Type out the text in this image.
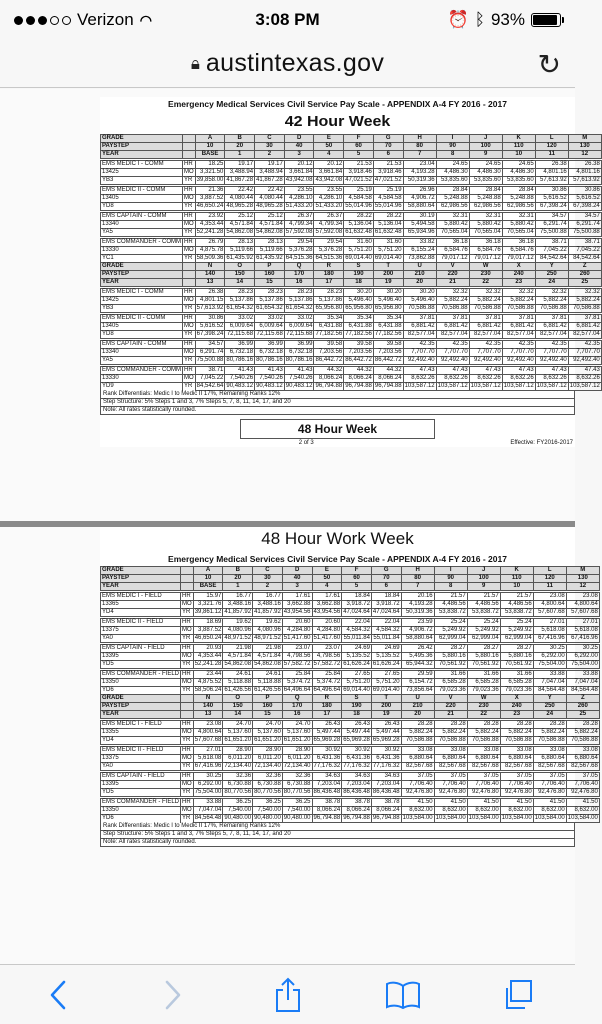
Verizon ◠	3:08 PM	⏰ ᛒ 93%
🔒︎ austintexas.gov	↻
Emergency Medical Services Civil Service Pay Scale - APPENDIX A-4 FY 2016 - 2017
42 Hour Week
GRADE		A	B	C	D	E	F	G	H	I	J	K	L	M
PAYSTEP		10	20	30	40	50	60	70	80	90	100	110	120	130
YEAR		BASE	1	2	3	4	5	6	7	8	9	10	11	12

EMS MEDIC I - COMM	HR	18.25	19.17	19.17	20.12	20.12	21.53	21.53	23.04	24.65	24.65	24.65	26.38	26.38
13425	MO	3,321.50	3,488.94	3,488.94	3,661.84	3,661.84	3,918.46	3,918.46	4,193.28	4,486.30	4,486.30	4,486.30	4,801.16	4,801.16
YB3	YR	39,858.00	41,867.28	41,867.28	43,942.08	43,942.08	47,021.52	47,021.52	50,319.36	53,835.60	53,835.60	53,835.60	57,613.92	57,613.92

EMS MEDIC II - COMM	HR	21.36	22.42	22.42	23.55	23.55	25.19	25.19	26.96	28.84	28.84	28.84	30.86	30.86
13405	MO	3,887.52	4,080.44	4,080.44	4,286.10	4,286.10	4,584.58	4,584.58	4,906.72	5,248.88	5,248.88	5,248.88	5,616.52	5,616.52
YD8	YR	46,650.24	48,965.28	48,965.28	51,433.20	51,433.20	55,014.96	55,014.96	58,880.64	62,986.56	62,986.56	62,986.56	67,398.24	67,398.24

EMS CAPTAIN - COMM	HR	23.92	25.12	25.12	26.37	26.37	28.22	28.22	30.19	32.31	32.31	32.31	34.57	34.57
13340	MO	4,353.44	4,571.84	4,571.84	4,799.34	4,799.34	5,136.04	5,136.04	5,494.58	5,880.42	5,880.42	5,880.42	6,291.74	6,291.74
YA5	YR	52,241.28	54,862.08	54,862.08	57,592.08	57,592.08	61,632.48	61,632.48	65,934.96	70,565.04	70,565.04	70,565.04	75,500.88	75,500.88

EMS COMMANDER - COMM	HR	26.79	28.13	28.13	29.54	29.54	31.60	31.60	33.82	36.18	36.18	36.18	38.71	38.71
13330	MO	4,875.78	5,119.66	5,119.66	5,376.28	5,376.28	5,751.20	5,751.20	6,155.24	6,584.76	6,584.76	6,584.76	7,045.22	7,045.22
YC1	YR	58,509.36	61,435.92	61,435.92	64,515.36	64,515.36	69,014.40	69,014.40	73,862.88	79,017.12	79,017.12	79,017.12	84,542.64	84,542.64
GRADE		N	O	P	Q	R	S	T	U	V	W	X	Y	Z
PAYSTEP		140	150	160	170	180	190	200	210	220	230	240	250	260
YEAR		13	14	15	16	17	18	19	20	21	22	23	24	25

EMS MEDIC I - COMM	HR	26.38	28.23	28.23	28.23	28.23	30.20	30.20	30.20	32.32	32.32	32.32	32.32	32.32
13425	MO	4,801.15	5,137.86	5,137.86	5,137.86	5,137.86	5,496.40	5,496.40	5,496.40	5,882.24	5,882.24	5,882.24	5,882.24	5,882.24
YB3	YR	57,613.92	61,654.32	61,654.32	61,654.32	65,956.80	65,956.80	65,956.80	70,586.88	70,586.88	70,586.88	70,586.88	70,586.88	70,586.88

EMS MEDIC II - COMM	HR	30.86	33.02	33.02	33.02	35.34	35.34	35.34	37.81	37.81	37.81	37.81	37.81	37.81
13405	MO	5,616.52	6,009.64	6,009.64	6,009.64	6,431.88	6,431.88	6,431.88	6,881.42	6,881.42	6,881.42	6,881.42	6,881.42	6,881.42
YD8	YR	67,398.24	72,115.68	72,115.68	72,115.68	77,182.56	77,182.56	77,182.56	82,577.04	82,577.04	82,577.04	82,577.04	82,577.04	82,577.04

EMS CAPTAIN - COMM	HR	34.57	36.99	36.99	36.99	39.58	39.58	39.58	42.35	42.35	42.35	42.35	42.35	42.35
13340	MO	6,291.74	6,732.18	6,732.18	6,732.18	7,203.56	7,203.56	7,203.56	7,707.70	7,707.70	7,707.70	7,707.70	7,707.70	7,707.70
YA5	YR	75,500.88	80,786.16	80,786.16	80,786.16	86,442.72	86,442.72	86,442.72	92,492.40	92,492.40	92,492.40	92,492.40	92,492.40	92,492.40

EMS COMMANDER - COMM	HR	38.71	41.43	41.43	41.43	44.32	44.32	44.32	47.43	47.43	47.43	47.43	47.43	47.43
13330	MO	7,045.22	7,540.26	7,540.26	7,540.26	8,066.24	8,066.24	8,066.24	8,632.26	8,632.26	8,632.26	8,632.26	8,632.26	8,632.26
YD9	YR	84,542.64	90,483.12	90,483.12	90,483.12	96,794.88	96,794.88	96,794.88	103,587.12	103,587.12	103,587.12	103,587.12	103,587.12	103,587.12
Rank Differentials: Medic I to Medic II 17%, Remaining Ranks 12%
Step Structure: 5% Steps 1 and 3, 7% Steps 5, 7, 8, 11, 14, 17, and 20
Note: All rates statistically rounded.
48 Hour Week
2 of 3	Effective: FY2016-2017
48 Hour Work Week
Emergency Medical Services Civil Service Pay Scale - APPENDIX A-4 FY 2016 - 2017
GRADE		A	B	C	D	E	F	G	H	I	J	K	L	M
PAYSTEP		10	20	30	40	50	60	70	80	90	100	110	120	130
YEAR		BASE	1	2	3	4	5	6	7	8	9	10	11	12

EMS MEDIC I - FIELD	HR	15.97	16.77	16.77	17.61	17.61	18.84	18.84	20.16	21.57	21.57	21.57	23.08	23.08
13365	MO	3,321.76	3,488.16	3,488.16	3,662.88	3,662.88	3,918.72	3,918.72	4,193.28	4,486.56	4,486.56	4,486.56	4,800.64	4,800.64
YD4	YR	39,861.12	41,857.92	41,857.92	43,954.56	43,954.56	47,024.64	47,024.64	50,319.36	53,838.72	53,838.72	53,838.72	57,607.68	57,607.68

EMS MEDIC II - FIELD	HR	18.69	19.62	19.62	20.60	20.60	22.04	22.04	23.59	25.24	25.24	25.24	27.01	27.01
13375	MO	3,887.52	4,080.96	4,080.96	4,284.80	4,284.80	4,584.32	4,584.32	4,906.72	5,249.92	5,249.92	5,249.92	5,618.08	5,618.08
YA0	YR	46,650.24	48,971.52	48,971.52	51,417.60	51,417.60	55,011.84	55,011.84	58,880.64	62,999.04	62,999.04	62,999.04	67,416.96	67,416.96

EMS CAPTAIN - FIELD	HR	20.93	21.98	21.98	23.07	23.07	24.69	24.69	26.42	28.27	28.27	28.27	30.25	30.25
13395	MO	4,353.44	4,571.84	4,571.84	4,798.56	4,798.56	5,135.52	5,135.52	5,495.36	5,880.16	5,880.16	5,880.16	6,292.00	6,292.00
YD5	YR	52,241.28	54,862.08	54,862.08	57,582.72	57,582.72	61,626.24	61,626.24	65,944.32	70,561.92	70,561.92	70,561.92	75,504.00	75,504.00

EMS COMMANDER - FIELD	HR	23.44	24.61	24.61	25.84	25.84	27.65	27.65	29.59	31.66	31.66	31.66	33.88	33.88
13350	MO	4,875.52	5,118.88	5,118.88	5,374.72	5,374.72	5,751.20	5,751.20	6,154.72	6,585.28	6,585.28	6,585.28	7,047.04	7,047.04
YD6	YR	58,506.24	61,426.56	61,426.56	64,496.64	64,496.64	69,014.40	69,014.40	73,856.64	79,023.36	79,023.36	79,023.36	84,564.48	84,564.48
GRADE		N	O	P	Q	R	S	T	U	V	W	X	Y	Z
PAYSTEP		140	150	160	170	180	190	200	210	220	230	240	250	260
YEAR		13	14	15	16	17	18	19	20	21	22	23	24	25

EMS MEDIC I - FIELD	HR	23.08	24.70	24.70	24.70	26.43	26.43	26.43	28.28	28.28	28.28	28.28	28.28	28.28
13355	MO	4,800.64	5,137.60	5,137.60	5,137.60	5,497.44	5,497.44	5,497.44	5,882.24	5,882.24	5,882.24	5,882.24	5,882.24	5,882.24
YD4	YR	57,607.68	61,651.20	61,651.20	61,651.20	65,969.28	65,969.28	65,969.28	70,586.88	70,586.88	70,586.88	70,586.88	70,586.88	70,586.88

EMS MEDIC II - FIELD	HR	27.01	28.90	28.90	28.90	30.92	30.92	30.92	33.08	33.08	33.08	33.08	33.08	33.08
13375	MO	5,618.08	6,011.20	6,011.20	6,011.20	6,431.36	6,431.36	6,431.36	6,880.64	6,880.64	6,880.64	6,880.64	6,880.64	6,880.64
YA0	YR	67,416.96	72,134.40	72,134.40	72,134.40	77,176.32	77,176.32	77,176.32	82,567.68	82,567.68	82,567.68	82,567.68	82,567.68	82,567.68

EMS CAPTAIN - FIELD	HR	30.25	32.36	32.36	32.36	34.63	34.63	34.63	37.05	37.05	37.05	37.05	37.05	37.05
13395	MO	6,292.00	6,730.88	6,730.88	6,730.88	7,203.04	7,203.04	7,203.04	7,706.40	7,706.40	7,706.40	7,706.40	7,706.40	7,706.40
YD5	YR	75,504.00	80,770.56	80,770.56	80,770.56	86,436.48	86,436.48	86,436.48	92,476.80	92,476.80	92,476.80	92,476.80	92,476.80	92,476.80

EMS COMMANDER - FIELD	HR	33.88	36.25	36.25	36.25	38.78	38.78	38.78	41.50	41.50	41.50	41.50	41.50	41.50
13350	MO	7,047.04	7,540.00	7,540.00	7,540.00	8,066.24	8,066.24	8,066.24	8,632.00	8,632.00	8,632.00	8,632.00	8,632.00	8,632.00
YD6	YR	84,564.48	90,480.00	90,480.00	90,480.00	96,794.88	96,794.88	96,794.88	103,584.00	103,584.00	103,584.00	103,584.00	103,584.00	103,584.00
Rank Differentials: Medic I to Medic II 17%, Remaining Ranks 12%
Step Structure: 5% Steps 1 and 3, 7% Steps 5, 7, 8, 11, 14, 17, and 20
Note: All rates statistically rounded.
